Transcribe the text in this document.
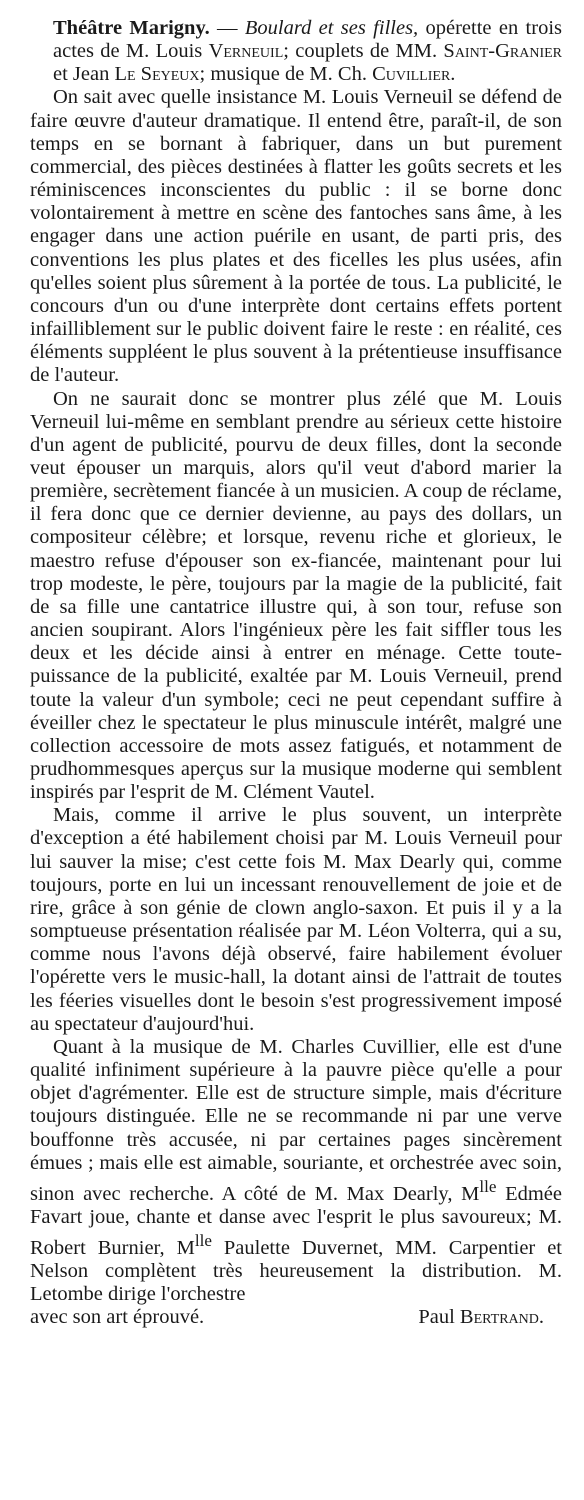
Théâtre Marigny. — Boulard et ses filles, opérette en trois actes de M. Louis Verneuil; couplets de MM. Saint-Granier et Jean Le Seyeux; musique de M. Ch. Cuvillier.

On sait avec quelle insistance M. Louis Verneuil se défend de faire œuvre d'auteur dramatique. Il entend être, paraît-il, de son temps en se bornant à fabriquer, dans un but purement commercial, des pièces destinées à flatter les goûts secrets et les réminiscences inconscientes du public : il se borne donc volontairement à mettre en scène des fantoches sans âme, à les engager dans une action puérile en usant, de parti pris, des conventions les plus plates et des ficelles les plus usées, afin qu'elles soient plus sûrement à la portée de tous. La publicité, le concours d'un ou d'une interprète dont certains effets portent infailliblement sur le public doivent faire le reste : en réalité, ces éléments suppléent le plus souvent à la prétentieuse insuffisance de l'auteur.

On ne saurait donc se montrer plus zélé que M. Louis Verneuil lui-même en semblant prendre au sérieux cette histoire d'un agent de publicité, pourvu de deux filles, dont la seconde veut épouser un marquis, alors qu'il veut d'abord marier la première, secrètement fiancée à un musicien. A coup de réclame, il fera donc que ce dernier devienne, au pays des dollars, un compositeur célèbre; et lorsque, revenu riche et glorieux, le maestro refuse d'épouser son ex-fiancée, maintenant pour lui trop modeste, le père, toujours par la magie de la publicité, fait de sa fille une cantatrice illustre qui, à son tour, refuse son ancien soupirant. Alors l'ingénieux père les fait siffler tous les deux et les décide ainsi à entrer en ménage. Cette toute-puissance de la publicité, exaltée par M. Louis Verneuil, prend toute la valeur d'un symbole; ceci ne peut cependant suffire à éveiller chez le spectateur le plus minuscule intérêt, malgré une collection accessoire de mots assez fatigués, et notamment de prudhommesques aperçus sur la musique moderne qui semblent inspirés par l'esprit de M. Clément Vautel.

Mais, comme il arrive le plus souvent, un interprète d'exception a été habilement choisi par M. Louis Verneuil pour lui sauver la mise; c'est cette fois M. Max Dearly qui, comme toujours, porte en lui un incessant renouvellement de joie et de rire, grâce à son génie de clown anglo-saxon. Et puis il y a la somptueuse présentation réalisée par M. Léon Volterra, qui a su, comme nous l'avons déjà observé, faire habilement évoluer l'opérette vers le music-hall, la dotant ainsi de l'attrait de toutes les féeries visuelles dont le besoin s'est progressivement imposé au spectateur d'aujourd'hui.

Quant à la musique de M. Charles Cuvillier, elle est d'une qualité infiniment supérieure à la pauvre pièce qu'elle a pour objet d'agrémenter. Elle est de structure simple, mais d'écriture toujours distinguée. Elle ne se recommande ni par une verve bouffonne très accusée, ni par certaines pages sincèrement émues ; mais elle est aimable, souriante, et orchestrée avec soin, sinon avec recherche. A côté de M. Max Dearly, $M^{lle}$ Edmée Favart joue, chante et danse avec l'esprit le plus savoureux; M. Robert Burnier, $M^{lle}$ Paulette Duvernet, MM. Carpentier et Nelson complètent très heureusement la distribution. M. Letombe dirige l'orchestre

avec son art éprouvé.	Paul Bertrand.
